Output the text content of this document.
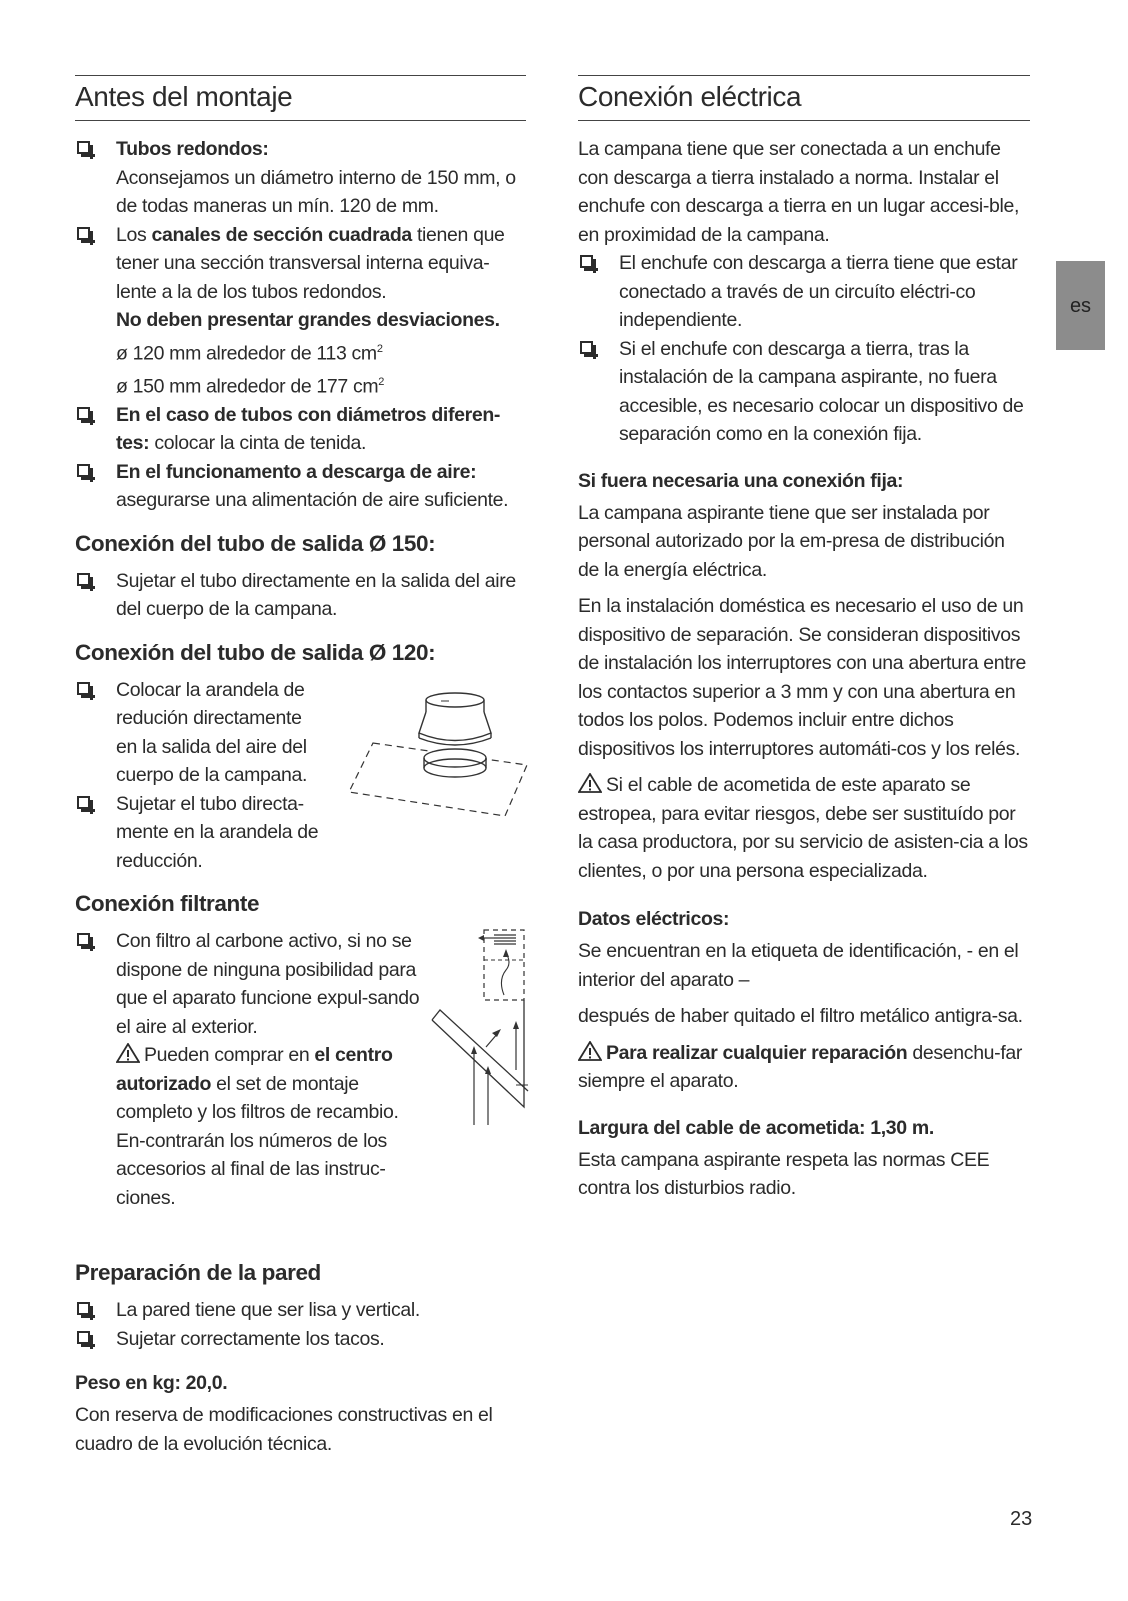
Antes del montaje
Tubos redondos:
Aconsejamos un diámetro interno de 150 mm, o de todas maneras un mín. 120 de mm.
Los canales de sección cuadrada tienen que tener una sección transversal interna equiva-lente a la de los tubos redondos.
No deben presentar grandes desviaciones.
ø 120 mm alrededor de 113 $cm^2$
ø 150 mm alrededor de 177 $cm^2$
En el caso de tubos con diámetros diferen-tes: colocar la cinta de tenida.
En el funcionamento a descarga de aire: asegurarse una alimentación de aire suficiente.
Conexión del tubo de salida Ø 150:
Sujetar el tubo directamente en la salida del aire del cuerpo de la campana.
Conexión del tubo de salida Ø 120:
Colocar la arandela de redución directamente en la salida del aire del cuerpo de la campana.
Sujetar el tubo directa-mente en la arandela de reducción.
Conexión filtrante
Con filtro al carbone activo, si no se dispone de ninguna posibilidad para que el aparato funcione expul-sando el aire al exterior.
Pueden comprar en el centro autorizado el set de montaje completo y los filtros de recambio. En-contrarán los números de los accesorios al final de las instruc-ciones.
Preparación de la pared
La pared tiene que ser lisa y vertical.
Sujetar correctamente los tacos.
Peso en kg: 20,0.

Con reserva de modificaciones constructivas en el cuadro de la evolución técnica.

Conexión eléctrica

La campana tiene que ser conectada a un enchufe con descarga a tierra instalado a norma. Instalar el enchufe con descarga a tierra en un lugar accesi-ble, en proximidad de la campana.

El enchufe con descarga a tierra tiene que estar conectado a través de un circuíto eléctri-co independiente.
Si el enchufe con descarga a tierra, tras la instalación de la campana aspirante, no fuera accesible, es necesario colocar un dispositivo de separación como en la conexión fija.
Si fuera necesaria una conexión fija:

La campana aspirante tiene que ser instalada por personal autorizado por la em-presa de distribución de la energía eléctrica.

En la instalación doméstica es necesario el uso de un dispositivo de separación. Se consideran dispositivos de instalación los interruptores con una abertura entre los contactos superior a 3 mm y con una abertura en todos los polos. Podemos incluir entre dichos dispositivos los interruptores automáti-cos y los relés.

Si el cable de acometida de este aparato se estropea, para evitar riesgos, debe ser sustituído por la casa productora, por su servicio de asisten-cia a los clientes, o por una persona especializada.

Datos eléctricos:

Se encuentran en la etiqueta de identificación, - en el interior del aparato –

después de haber quitado el filtro metálico antigra-sa.

Para realizar cualquier reparación desenchu-far siempre el aparato.

Largura del cable de acometida: 1,30 m.

Esta campana aspirante respeta las normas CEE contra los disturbios radio.

es
23
